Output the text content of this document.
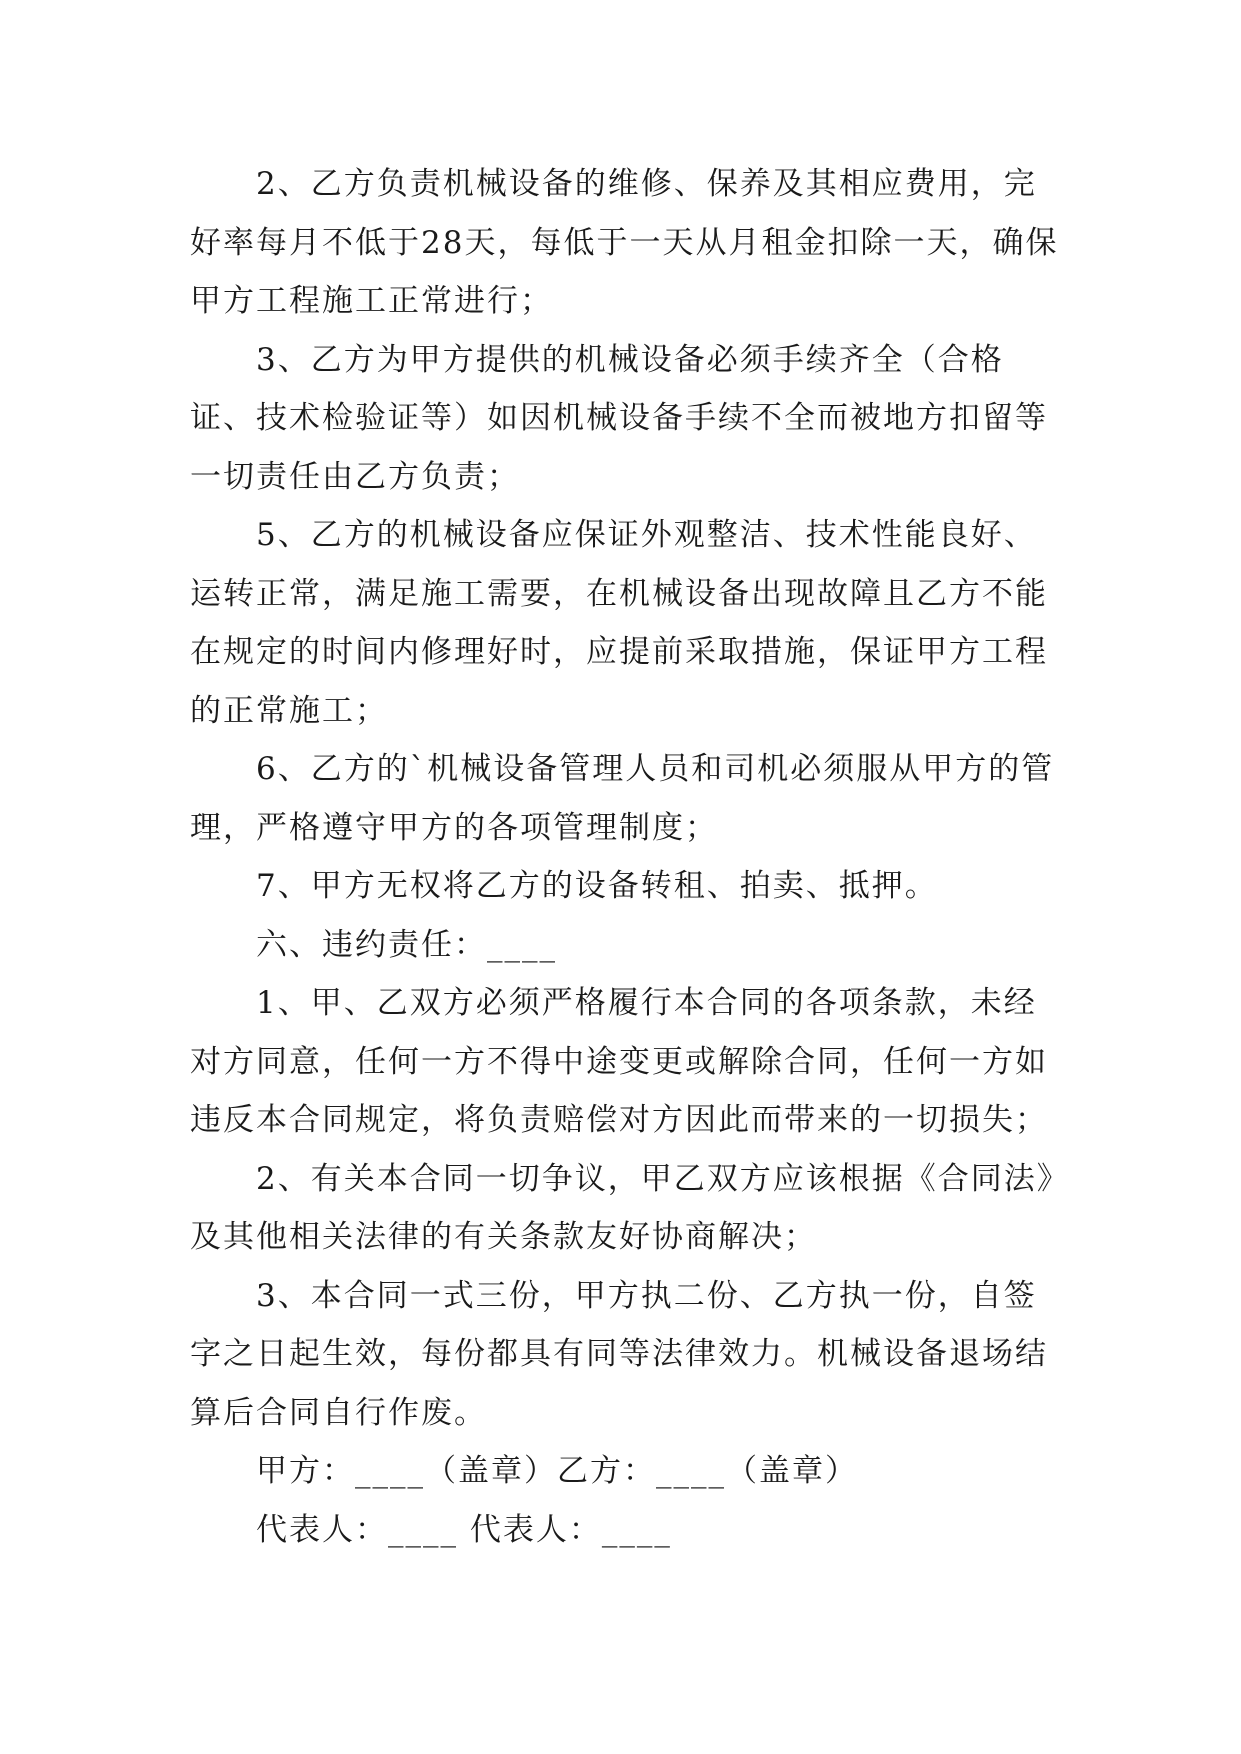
2、乙方负责机械设备的维修、保养及其相应费用，完好率每月不低于28天，每低于一天从月租金扣除一天，确保甲方工程施工正常进行；

3、乙方为甲方提供的机械设备必须手续齐全（合格证、技术检验证等）如因机械设备手续不全而被地方扣留等一切责任由乙方负责；

5、乙方的机械设备应保证外观整洁、技术性能良好、运转正常，满足施工需要，在机械设备出现故障且乙方不能在规定的时间内修理好时，应提前采取措施，保证甲方工程的正常施工；

6、乙方的`机械设备管理人员和司机必须服从甲方的管理，严格遵守甲方的各项管理制度；

7、甲方无权将乙方的设备转租、拍卖、抵押。

六、违约责任：____

1、甲、乙双方必须严格履行本合同的各项条款，未经对方同意，任何一方不得中途变更或解除合同，任何一方如违反本合同规定，将负责赔偿对方因此而带来的一切损失；

2、有关本合同一切争议，甲乙双方应该根据《合同法》及其他相关法律的有关条款友好协商解决；

3、本合同一式三份，甲方执二份、乙方执一份，自签字之日起生效，每份都具有同等法律效力。机械设备退场结算后合同自行作废。

甲方：____（盖章）乙方：____（盖章）

代表人：____ 代表人：____
